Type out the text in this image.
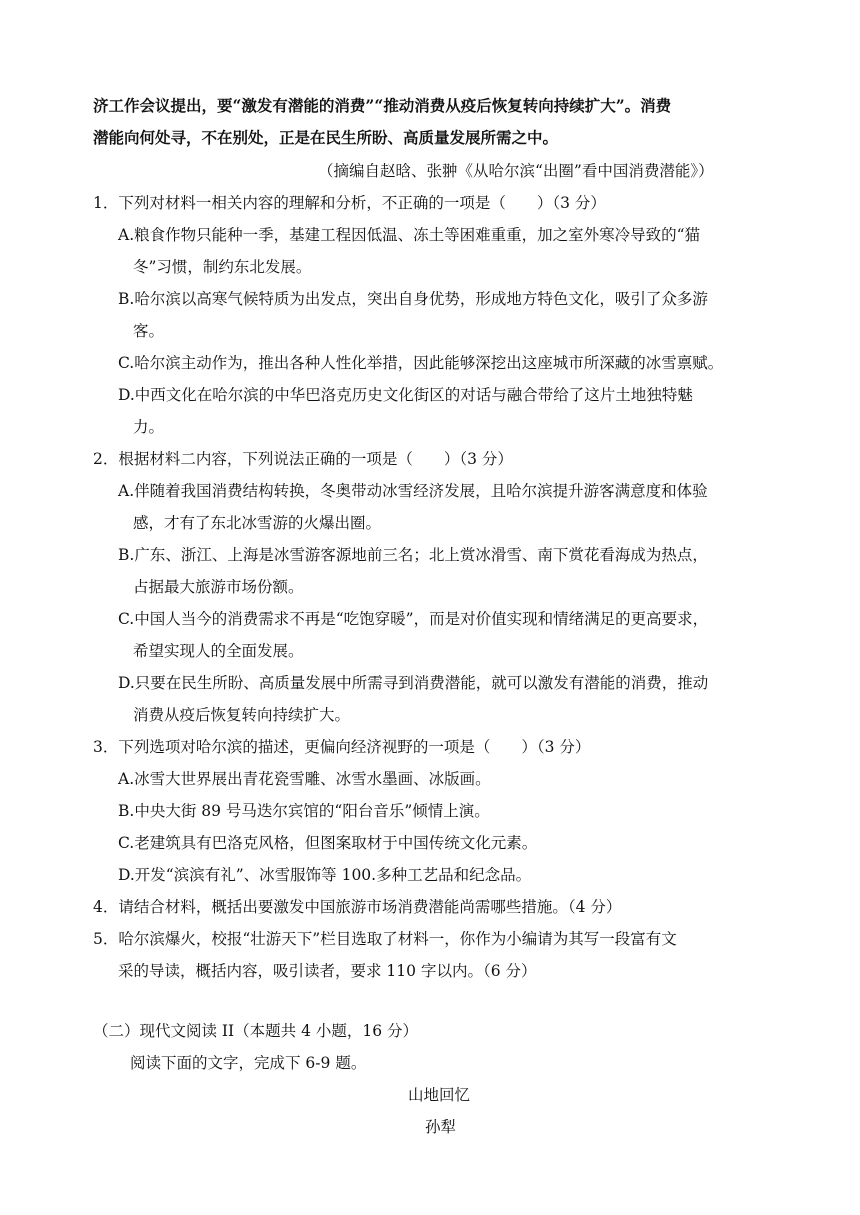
济工作会议提出，要“激发有潜能的消费”“推动消费从疫后恢复转向持续扩大”。消费

潜能向何处寻，不在别处，正是在民生所盼、高质量发展所需之中。

（摘编自赵晗、张翀《从哈尔滨“出圈”看中国消费潜能》）

1．下列对材料一相关内容的理解和分析，不正确的一项是（　　）（3 分）

A.粮食作物只能种一季，基建工程因低温、冻土等困难重重，加之室外寒冷导致的“猫

冬”习惯，制约东北发展。

B.哈尔滨以高寒气候特质为出发点，突出自身优势，形成地方特色文化，吸引了众多游

客。

C.哈尔滨主动作为，推出各种人性化举措，因此能够深挖出这座城市所深藏的冰雪禀赋。

D.中西文化在哈尔滨的中华巴洛克历史文化街区的对话与融合带给了这片土地独特魅

力。

2．根据材料二内容，下列说法正确的一项是（　　）（3 分）

A.伴随着我国消费结构转换，冬奥带动冰雪经济发展，且哈尔滨提升游客满意度和体验

感，才有了东北冰雪游的火爆出圈。

B.广东、浙江、上海是冰雪游客源地前三名；北上赏冰滑雪、南下赏花看海成为热点，

占据最大旅游市场份额。

C.中国人当今的消费需求不再是“吃饱穿暖”，而是对价值实现和情绪满足的更高要求，

希望实现人的全面发展。

D.只要在民生所盼、高质量发展中所需寻到消费潜能，就可以激发有潜能的消费，推动

消费从疫后恢复转向持续扩大。

3．下列选项对哈尔滨的描述，更偏向经济视野的一项是（　　）（3 分）

A.冰雪大世界展出青花瓷雪雕、冰雪水墨画、冰版画。

B.中央大街 89 号马迭尔宾馆的“阳台音乐”倾情上演。

C.老建筑具有巴洛克风格，但图案取材于中国传统文化元素。

D.开发“滨滨有礼”、冰雪服饰等 100.多种工艺品和纪念品。

4．请结合材料，概括出要激发中国旅游市场消费潜能尚需哪些措施。（4 分）

5．哈尔滨爆火，校报“壮游天下”栏目选取了材料一，你作为小编请为其写一段富有文

采的导读，概括内容，吸引读者，要求 110 字以内。（6 分）

（二）现代文阅读 II（本题共 4 小题，16 分）

阅读下面的文字，完成下 6-9 题。

山地回忆

孙犁
